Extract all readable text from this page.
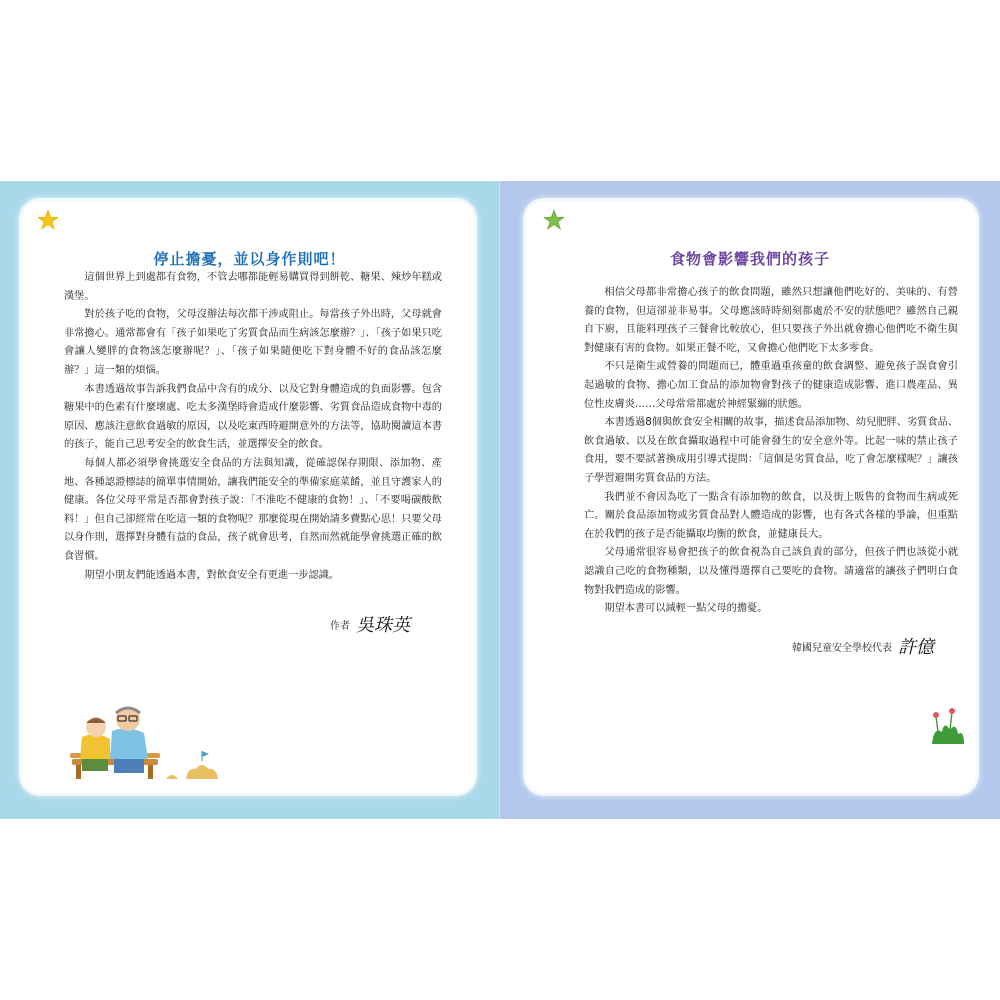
停止擔憂，並以身作則吧！

這個世界上到處都有食物，不管去哪都能輕易購買得到餅乾、糖果、辣炒年糕或漢堡。

對於孩子吃的食物，父母沒辦法每次都干涉或阻止。每當孩子外出時，父母就會非常擔心。通常都會有「孩子如果吃了劣質食品而生病該怎麼辦？」、「孩子如果只吃會讓人變胖的食物該怎麼辦呢？」、「孩子如果隨便吃下對身體不好的食品該怎麼辦？」這一類的煩惱。

本書透過故事告訴我們食品中含有的成分、以及它對身體造成的負面影響。包含糖果中的色素有什麼壞處、吃太多漢堡時會造成什麼影響、劣質食品造成食物中毒的原因、應該注意飲食過敏的原因，以及吃東西時避開意外的方法等，協助閱讀這本書的孩子，能自己思考安全的飲食生活，並選擇安全的飲食。

每個人都必須學會挑選安全食品的方法與知識，從確認保存期限、添加物、產地、各種認證標誌的簡單事情開始，讓我們能安全的準備家庭菜餚，並且守護家人的健康。各位父母平常是否都會對孩子說：「不准吃不健康的食物！」、「不要喝碳酸飲料！」但自己卻經常在吃這一類的食物呢？那麼從現在開始請多費點心思！只要父母以身作則，選擇對身體有益的食品，孩子就會思考，自然而然就能學會挑選正確的飲食習慣。

期望小朋友們能透過本書，對飲食安全有更進一步認識。

作者 吳珠英
食物會影響我們的孩子

相信父母都非常擔心孩子的飲食問題，雖然只想讓他們吃好的、美味的、有營養的食物，但這卻並非易事。父母應該時時刻刻都處於不安的狀態吧？雖然自己親自下廚，且能料理孩子三餐會比較放心，但只要孩子外出就會擔心他們吃不衛生與對健康有害的食物。如果正餐不吃，又會擔心他們吃下太多零食。

不只是衛生或營養的問題而已，體重過重孩童的飲食調整、避免孩子誤食會引起過敏的食物、擔心加工食品的添加物會對孩子的健康造成影響、進口農產品、異位性皮膚炎……父母常常都處於神經緊繃的狀態。

本書透過8個與飲食安全相關的故事，描述食品添加物、幼兒肥胖、劣質食品、飲食過敏、以及在飲食攝取過程中可能會發生的安全意外等。比起一味的禁止孩子食用，要不要試著換成用引導式提問：「這個是劣質食品，吃了會怎麼樣呢？」讓孩子學習避開劣質食品的方法。

我們並不會因為吃了一點含有添加物的飲食，以及街上販售的食物而生病或死亡。關於食品添加物或劣質食品對人體造成的影響，也有各式各樣的爭論，但重點在於我們的孩子是否能攝取均衡的飲食，並健康長大。

父母通常很容易會把孩子的飲食視為自己該負責的部分，但孩子們也該從小就認識自己吃的食物種類，以及懂得選擇自己要吃的食物。請適當的讓孩子們明白食物對我們造成的影響。

期望本書可以減輕一點父母的擔憂。

韓國兒童安全學校代表 許億
